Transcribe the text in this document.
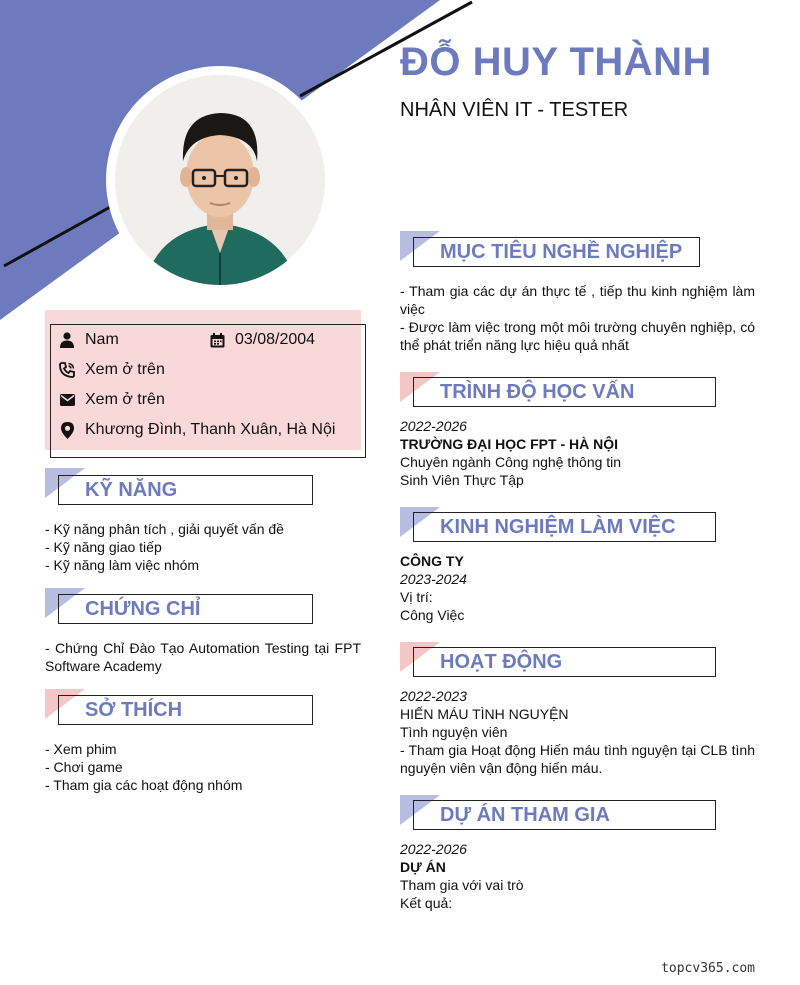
ĐỖ HUY THÀNH
NHÂN VIÊN IT - TESTER
Nam	03/08/2004
Xem ở trên
Xem ở trên
Khương Đình, Thanh Xuân, Hà Nội
KỸ NĂNG
- Kỹ năng phân tích , giải quyết vấn đề
- Kỹ năng giao tiếp
- Kỹ năng làm việc nhóm
CHỨNG CHỈ
- Chứng Chỉ Đào Tạo Automation Testing tại FPT Software Academy
SỞ THÍCH
- Xem phim
- Chơi game
- Tham gia các hoạt động nhóm
MỤC TIÊU NGHỀ NGHIỆP
- Tham gia các dự án thực tế , tiếp thu kinh nghiệm làm việc
- Được làm việc trong một môi trường chuyên nghiệp, có thể phát triển năng lực hiệu quả nhất
TRÌNH ĐỘ HỌC VẤN
2022-2026
TRƯỜNG ĐẠI HỌC FPT - HÀ NỘI
Chuyên ngành Công nghệ thông tin
Sinh Viên Thực Tập
KINH NGHIỆM LÀM VIỆC
CÔNG TY
2023-2024
Vị trí:
Công Việc
HOẠT ĐỘNG
2022-2023
HIẾN MÁU TÌNH NGUYỆN
Tình nguyện viên
- Tham gia Hoạt động Hiến máu tình nguyện tại CLB tình nguyện viên vận động hiến máu.
DỰ ÁN THAM GIA
2022-2026
DỰ ÁN
Tham gia với vai trò
Kết quả:
topcv365.com
